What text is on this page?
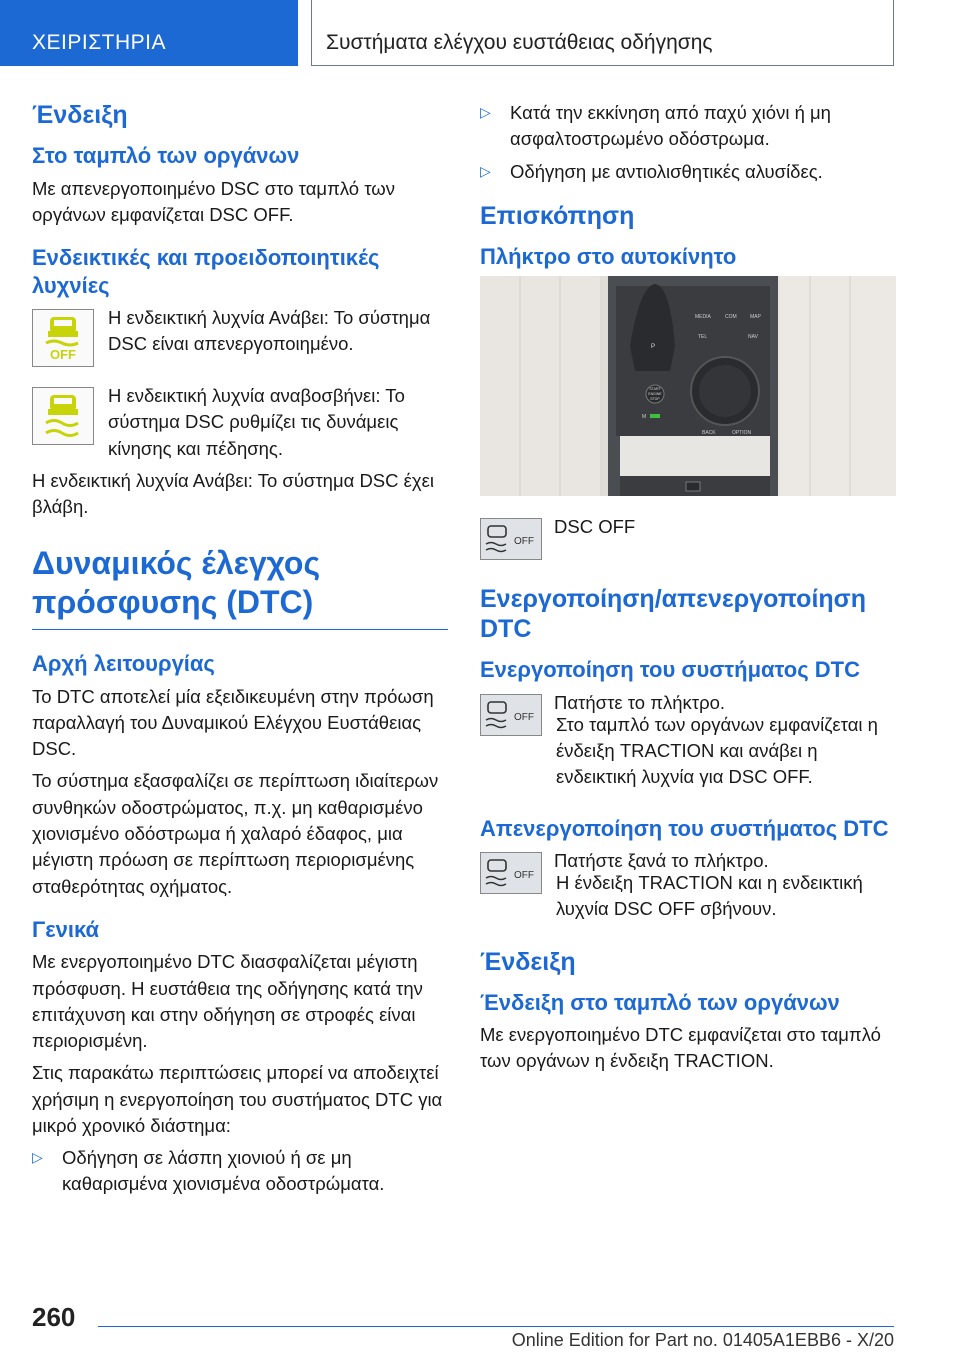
ΧΕΙΡΙΣΤΗΡΙΑ	Συστήματα ελέγχου ευστάθειας οδήγησης
Ένδειξη
Στο ταμπλό των οργάνων

Με απενεργοποιημένο DSC στο ταμπλό των οργάνων εμφανίζεται DSC OFF.

Ενδεικτικές και προειδοποιητικές λυχνίες
OFF

Η ενδεικτική λυχνία Ανάβει: Το σύστημα DSC είναι απενεργοποιημένο.

Η ενδεικτική λυχνία αναβοσβήνει: Το σύστημα DSC ρυθμίζει τις δυνάμεις κίνησης και πέδησης.

Η ενδεικτική λυχνία Ανάβει: Το σύστημα DSC έχει βλάβη.

Δυναμικός έλεγχος πρόσφυσης (DTC)
Αρχή λειτουργίας

Το DTC αποτελεί μία εξειδικευμένη στην πρόωση παραλλαγή του Δυναμικού Ελέγχου Ευστάθειας DSC.

Το σύστημα εξασφαλίζει σε περίπτωση ιδιαίτερων συνθηκών οδοστρώματος, π.χ. μη καθαρισμένο χιονισμένο οδόστρωμα ή χαλαρό έδαφος, μια μέγιστη πρόωση σε περίπτωση περιορισμένης σταθερότητας οχήματος.

Γενικά

Με ενεργοποιημένο DTC διασφαλίζεται μέγιστη πρόσφυση. Η ευστάθεια της οδήγησης κατά την επιτάχυνση και στην οδήγηση σε στροφές είναι περιορισμένη.

Στις παρακάτω περιπτώσεις μπορεί να αποδειχτεί χρήσιμη η ενεργοποίηση του συστήματος DTC για μικρό χρονικό διάστημα:

▷	Οδήγηση σε λάσπη χιονιού ή σε μη καθαρισμένα χιονισμένα οδοστρώματα.
▷	Κατά την εκκίνηση από παχύ χιόνι ή μη ασφαλτοστρωμένο οδόστρωμα.
▷	Οδήγηση με αντιολισθητικές αλυσίδες.
Επισκόπηση
Πλήκτρο στο αυτοκίνητο
P
MEDIA	COM	MAP
TEL	NAV
START
ENGINE
STOP
M
BACK	OPTION
OFF

DSC OFF

Ενεργοποίηση/απενεργοποίηση DTC
Ενεργοποίηση του συστήματος DTC
OFF

Πατήστε το πλήκτρο.

Στο ταμπλό των οργάνων εμφανίζεται η ένδειξη TRACTION και ανάβει η ενδεικτική λυχνία για DSC OFF.

Απενεργοποίηση του συστήματος DTC
OFF

Πατήστε ξανά το πλήκτρο.

Η ένδειξη TRACTION και η ενδεικτική λυχνία DSC OFF σβήνουν.

Ένδειξη
Ένδειξη στο ταμπλό των οργάνων

Με ενεργοποιημένο DTC εμφανίζεται στο ταμπλό των οργάνων η ένδειξη TRACTION.

260
Online Edition for Part no. 01405A1EBB6 - X/20
